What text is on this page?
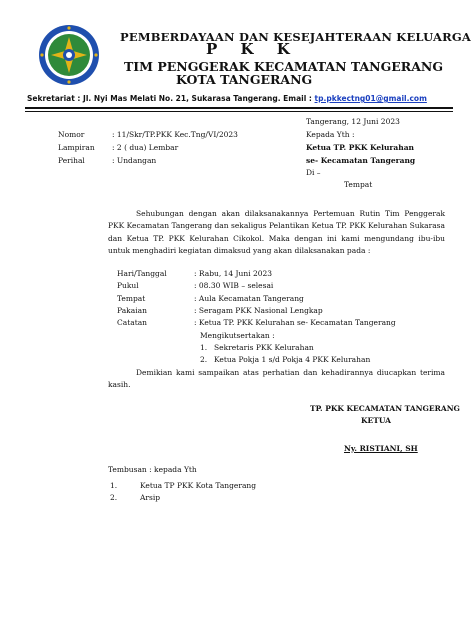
PEMBERDAYAAN DAN KESEJAHTERAAN KELUARGA
P K K
TIM PENGGERAK KECAMATAN TANGERANG
KOTA TANGERANG
Sekretariat : Jl. Nyi Mas Melati No. 21, Sukarasa Tangerang. Email : tp.pkkectng01@gmail.com
Tangerang, 12 Juni 2023
Nomor	: 11/Skr/TP.PKK Kec.Tng/VI/2023
Lampiran : 2 ( dua) Lembar
Perihal	: Undangan
Kepada Yth :
Ketua TP. PKK Kelurahan
se- Kecamatan Tangerang
Di –
Tempat
Sehubungan dengan akan dilaksanakannya Pertemuan Rutin Tim Penggerak PKK Kecamatan Tangerang dan sekaligus Pelantikan Ketua TP. PKK Kelurahan Sukarasa dan Ketua TP. PKK Kelurahan Cikokol. Maka dengan ini kami mengundang ibu-ibu untuk menghadiri kegiatan dimaksud yang akan dilaksanakan pada :
Hari/Tanggal	: Rabu, 14 Juni 2023
Pukul	: 08.30 WIB – selesai
Tempat	: Aula Kecamatan Tangerang
Pakaian	: Seragam PKK Nasional Lengkap
Catatan	: Ketua TP. PKK Kelurahan se- Kecamatan Tangerang
Mengikutsertakan :
1. Sekretaris PKK Kelurahan
2. Ketua Pokja 1 s/d Pokja 4 PKK Kelurahan
Demikian kami sampaikan atas perhatian dan kehadirannya diucapkan terima kasih.
TP. PKK KECAMATAN TANGERANG
KETUA
Ny. RISTIANI, SH
Tembusan : kepada Yth
1.	Ketua TP PKK Kota Tangerang
2.	Arsip
